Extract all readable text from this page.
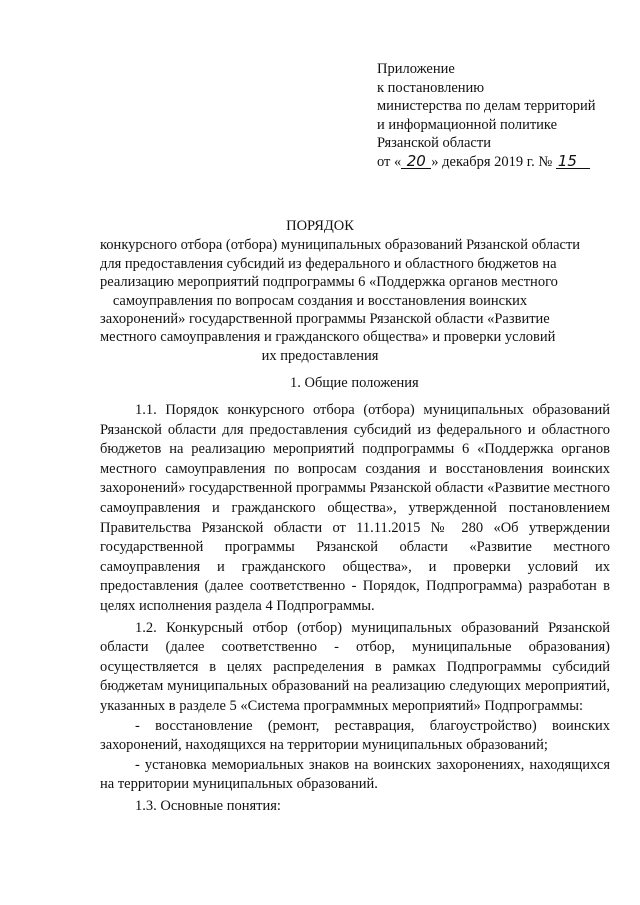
Приложение
к постановлению
министерства по делам территорий
и информационной политике
Рязанской области
от « 20 » декабря 2019 г. № 15
ПОРЯДОК
конкурсного отбора (отбора) муниципальных образований Рязанской области
для предоставления субсидий из федерального и областного бюджетов на
реализацию мероприятий подпрограммы 6 «Поддержка органов местного
самоуправления по вопросам создания и восстановления воинских
захоронений» государственной программы Рязанской области «Развитие
местного самоуправления и гражданского общества» и проверки условий
их предоставления
1. Общие положения

1.1. Порядок конкурсного отбора (отбора) муниципальных образований Рязанской области для предоставления субсидий из федерального и областного бюджетов на реализацию мероприятий подпрограммы 6 «Поддержка органов местного самоуправления по вопросам создания и восстановления воинских захоронений» государственной программы Рязанской области «Развитие местного самоуправления и гражданского общества», утвержденной постановлением Правительства Рязанской области от 11.11.2015 № 280 «Об утверждении государственной программы Рязанской области «Развитие местного самоуправления и гражданского общества», и проверки условий их предоставления (далее соответственно - Порядок, Подпрограмма) разработан в целях исполнения раздела 4 Подпрограммы.

1.2. Конкурсный отбор (отбор) муниципальных образований Рязанской области (далее соответственно - отбор, муниципальные образования) осуществляется в целях распределения в рамках Подпрограммы субсидий бюджетам муниципальных образований на реализацию следующих мероприятий, указанных в разделе 5 «Система программных мероприятий» Подпрограммы:

- восстановление (ремонт, реставрация, благоустройство) воинских захоронений, находящихся на территории муниципальных образований;

- установка мемориальных знаков на воинских захоронениях, находящихся на территории муниципальных образований.

1.3. Основные понятия:
